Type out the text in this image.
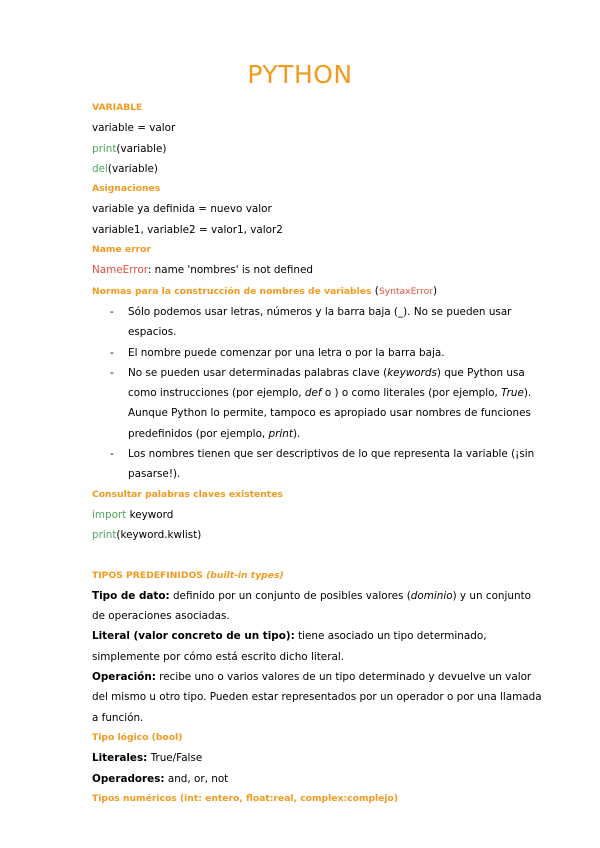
PYTHON
VARIABLE
variable = valor
print(variable)
del(variable)
Asignaciones
variable ya definida = nuevo valor
variable1, variable2 = valor1, valor2
Name error
NameError: name 'nombres' is not defined
Normas para la construcción de nombres de variables (SyntaxError)
- Sólo podemos usar letras, números y la barra baja (_). No se pueden usar espacios.
- El nombre puede comenzar por una letra o por la barra baja.
- No se pueden usar determinadas palabras clave (keywords) que Python usa como instrucciones (por ejemplo, def o ) o como literales (por ejemplo, True). Aunque Python lo permite, tampoco es apropiado usar nombres de funciones predefinidos (por ejemplo, print).
- Los nombres tienen que ser descriptivos de lo que representa la variable (¡sin pasarse!).
Consultar palabras claves existentes
import keyword
print(keyword.kwlist)
TIPOS PREDEFINIDOS (built-in types)
Tipo de dato: definido por un conjunto de posibles valores (dominio) y un conjunto de operaciones asociadas.
Literal (valor concreto de un tipo): tiene asociado un tipo determinado, simplemente por cómo está escrito dicho literal.
Operación: recibe uno o varios valores de un tipo determinado y devuelve un valor del mismo u otro tipo. Pueden estar representados por un operador o por una llamada a función.
Tipo lógico (bool)
Literales: True/False
Operadores: and, or, not
Tipos numéricos (int: entero, float:real, complex:complejo)
